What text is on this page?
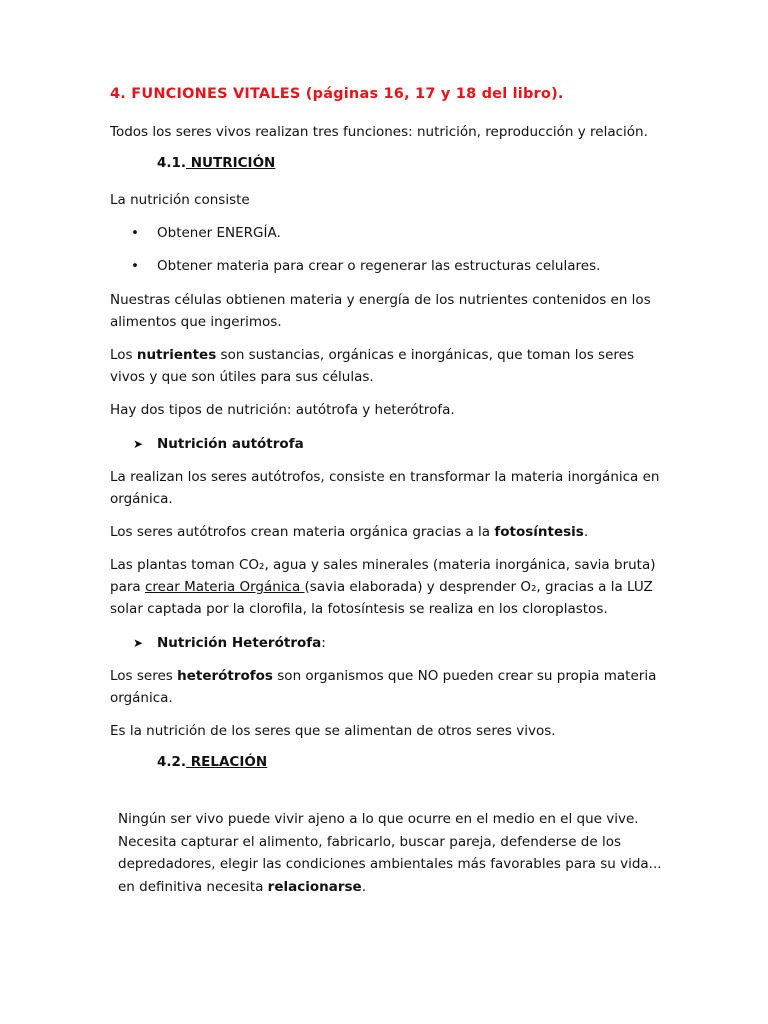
4. FUNCIONES VITALES (páginas 16, 17 y 18 del libro).

Todos los seres vivos realizan tres funciones: nutrición, reproducción y relación.

4.1. NUTRICIÓN

La nutrición consiste

• Obtener ENERGÍA.

• Obtener materia para crear o regenerar las estructuras celulares.

Nuestras células obtienen materia y energía de los nutrientes contenidos en los alimentos que ingerimos.

Los nutrientes son sustancias, orgánicas e inorgánicas, que toman los seres vivos y que son útiles para sus células.

Hay dos tipos de nutrición: autótrofa y heterótrofa.

➤ Nutrición autótrofa

La realizan los seres autótrofos, consiste en transformar la materia inorgánica en orgánica.

Los seres autótrofos crean materia orgánica gracias a la fotosíntesis.

Las plantas toman CO₂, agua y sales minerales (materia inorgánica, savia bruta) para crear Materia Orgánica (savia elaborada) y desprender O₂, gracias a la LUZ solar captada por la clorofila, la fotosíntesis se realiza en los cloroplastos.

➤ Nutrición Heterótrofa:

Los seres heterótrofos son organismos que NO pueden crear su propia materia orgánica.

Es la nutrición de los seres que se alimentan de otros seres vivos.

4.2. RELACIÓN

Ningún ser vivo puede vivir ajeno a lo que ocurre en el medio en el que vive. Necesita capturar el alimento, fabricarlo, buscar pareja, defenderse de los depredadores, elegir las condiciones ambientales más favorables para su vida... en definitiva necesita relacionarse.
